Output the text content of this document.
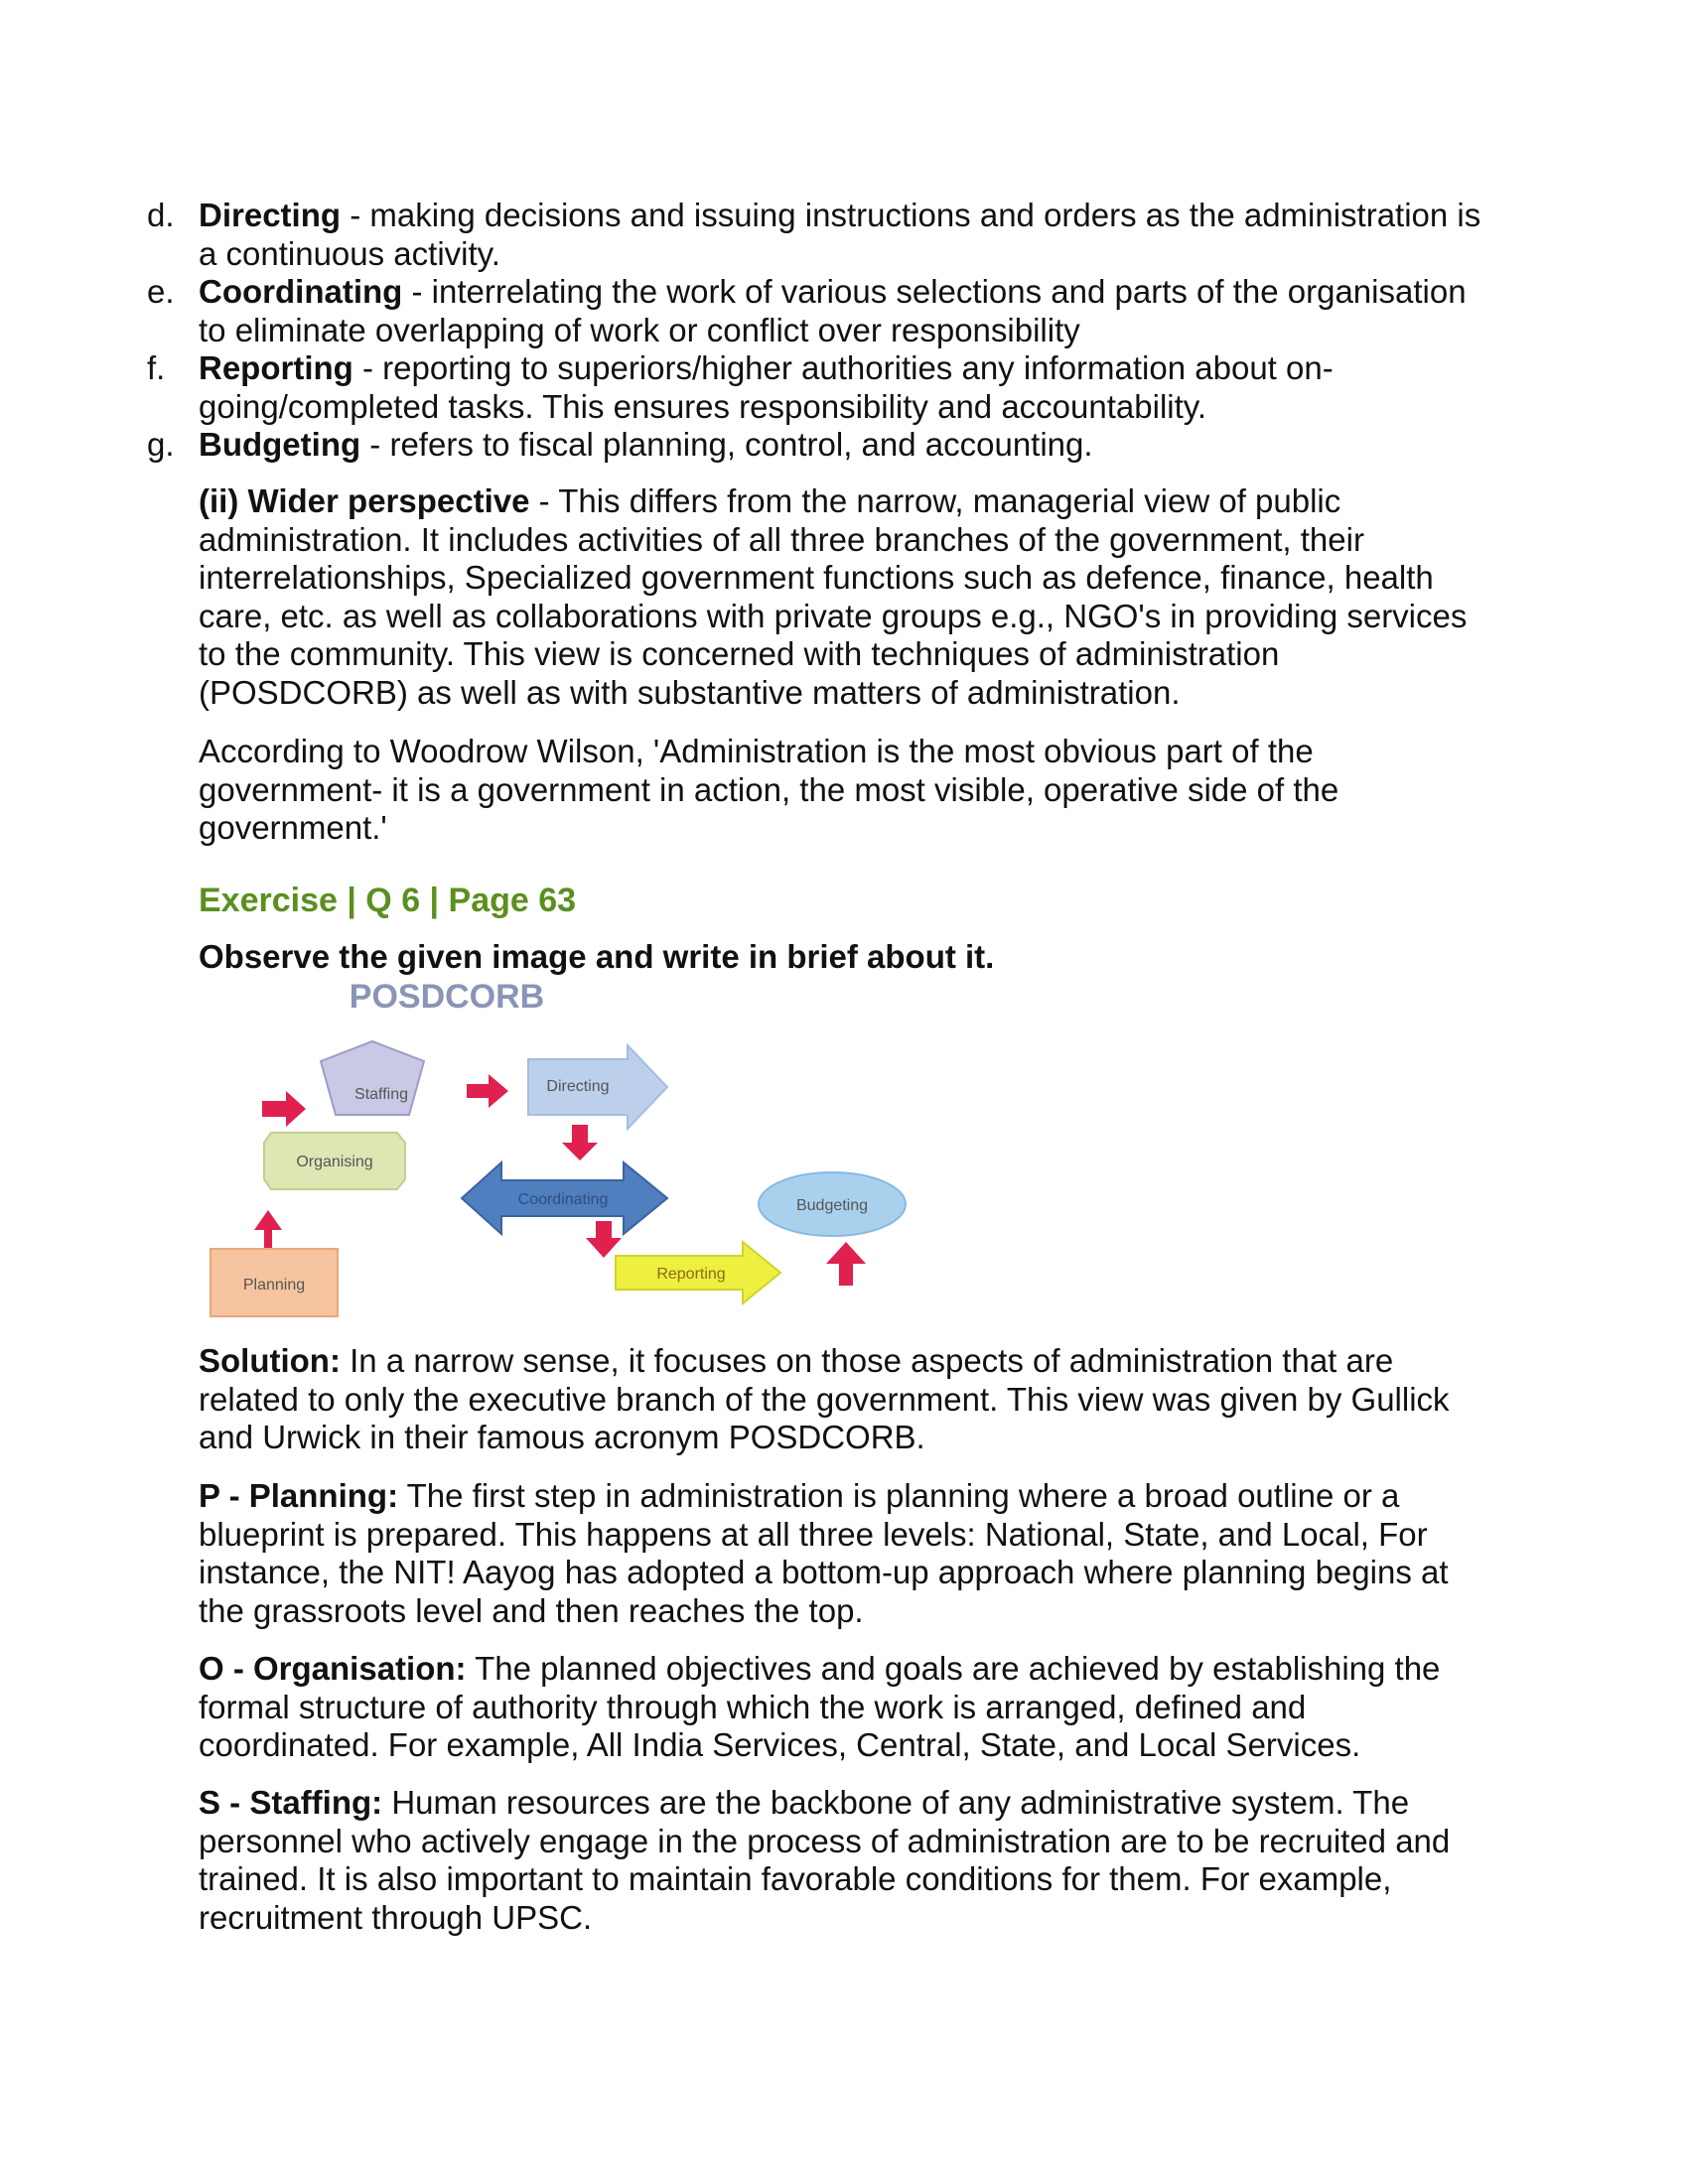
d. Directing - making decisions and issuing instructions and orders as the administration is a continuous activity.
e. Coordinating - interrelating the work of various selections and parts of the organisation to eliminate overlapping of work or conflict over responsibility
f. Reporting - reporting to superiors/higher authorities any information about on-going/completed tasks. This ensures responsibility and accountability.
g. Budgeting - refers to fiscal planning, control, and accounting.
(ii) Wider perspective - This differs from the narrow, managerial view of public administration. It includes activities of all three branches of the government, their interrelationships, Specialized government functions such as defence, finance, health care, etc. as well as collaborations with private groups e.g., NGO's in providing services to the community. This view is concerned with techniques of administration (POSDCORB) as well as with substantive matters of administration.
According to Woodrow Wilson, 'Administration is the most obvious part of the government- it is a government in action, the most visible, operative side of the government.'
Exercise | Q 6 | Page 63
Observe the given image and write in brief about it.
POSDCORB
Staffing	Directing
Organising
Coordinating	Budgeting
Reporting
Planning
Solution: In a narrow sense, it focuses on those aspects of administration that are related to only the executive branch of the government. This view was given by Gullick and Urwick in their famous acronym POSDCORB.
P - Planning: The first step in administration is planning where a broad outline or a blueprint is prepared. This happens at all three levels: National, State, and Local, For instance, the NIT! Aayog has adopted a bottom-up approach where planning begins at the grassroots level and then reaches the top.
O - Organisation: The planned objectives and goals are achieved by establishing the formal structure of authority through which the work is arranged, defined and coordinated. For example, All India Services, Central, State, and Local Services.
S - Staffing: Human resources are the backbone of any administrative system. The personnel who actively engage in the process of administration are to be recruited and trained. It is also important to maintain favorable conditions for them. For example, recruitment through UPSC.
